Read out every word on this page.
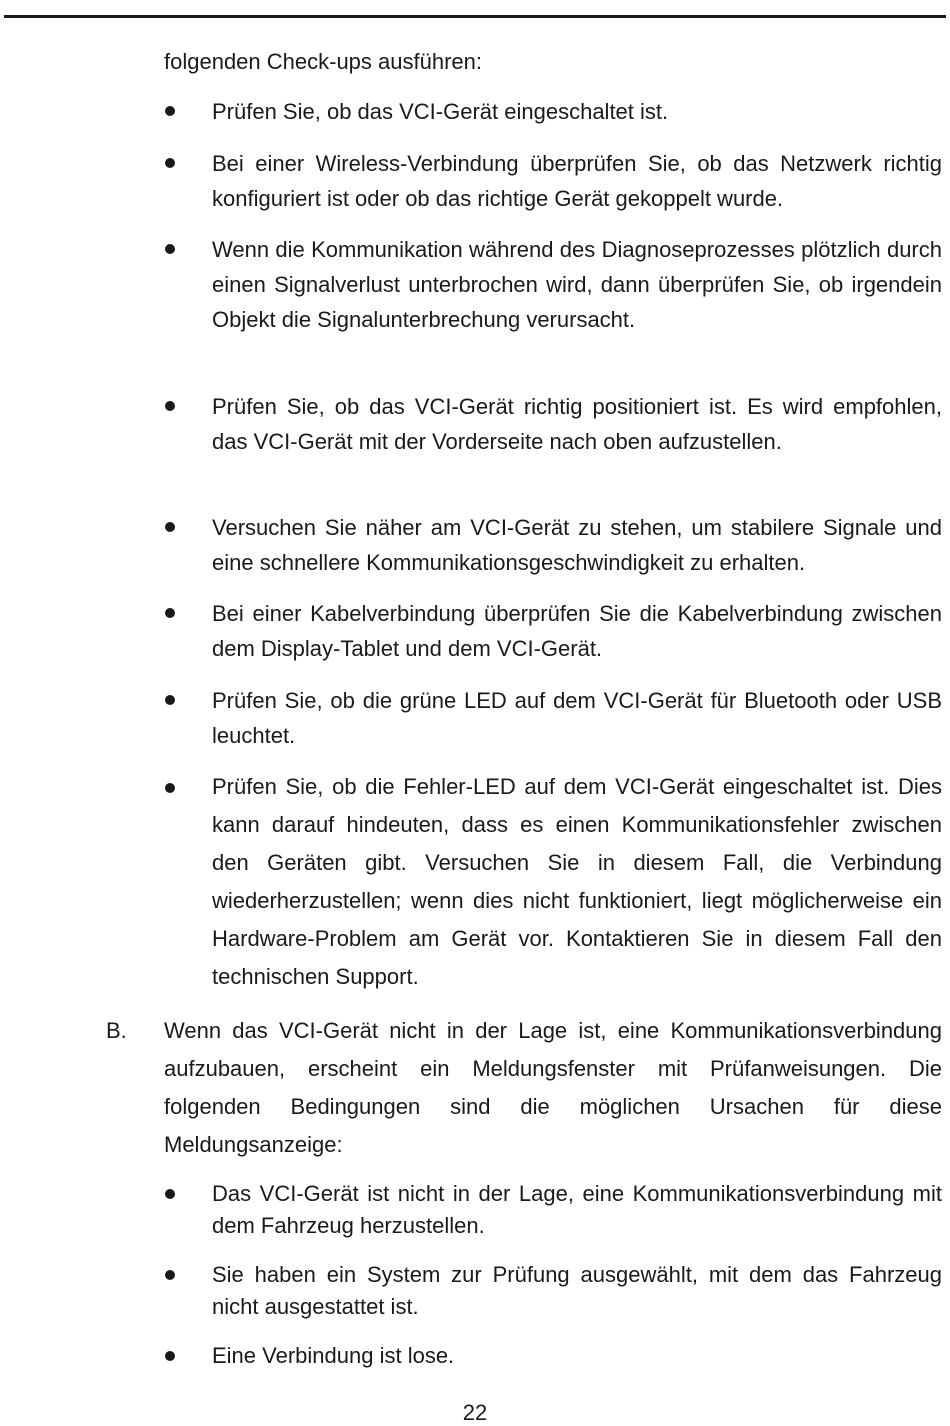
folgenden Check-ups ausführen:

Prüfen Sie, ob das VCI-Gerät eingeschaltet ist.

Bei einer Wireless-Verbindung überprüfen Sie, ob das Netzwerk richtig konfiguriert ist oder ob das richtige Gerät gekoppelt wurde.

Wenn die Kommunikation während des Diagnoseprozesses plötzlich durch einen Signalverlust unterbrochen wird, dann überprüfen Sie, ob irgendein Objekt die Signalunterbrechung verursacht.

Prüfen Sie, ob das VCI-Gerät richtig positioniert ist. Es wird empfohlen, das VCI-Gerät mit der Vorderseite nach oben aufzustellen.

Versuchen Sie näher am VCI-Gerät zu stehen, um stabilere Signale und eine schnellere Kommunikationsgeschwindigkeit zu erhalten.

Bei einer Kabelverbindung überprüfen Sie die Kabelverbindung zwischen dem Display-Tablet und dem VCI-Gerät.

Prüfen Sie, ob die grüne LED auf dem VCI-Gerät für Bluetooth oder USB leuchtet.

Prüfen Sie, ob die Fehler-LED auf dem VCI-Gerät eingeschaltet ist. Dies kann darauf hindeuten, dass es einen Kommunikationsfehler zwischen den Geräten gibt. Versuchen Sie in diesem Fall, die Verbindung wiederherzustellen; wenn dies nicht funktioniert, liegt möglicherweise ein Hardware-Problem am Gerät vor. Kontaktieren Sie in diesem Fall den technischen Support.

B. Wenn das VCI-Gerät nicht in der Lage ist, eine Kommunikationsverbindung aufzubauen, erscheint ein Meldungsfenster mit Prüfanweisungen. Die folgenden Bedingungen sind die möglichen Ursachen für diese Meldungsanzeige:

Das VCI-Gerät ist nicht in der Lage, eine Kommunikationsverbindung mit dem Fahrzeug herzustellen.

Sie haben ein System zur Prüfung ausgewählt, mit dem das Fahrzeug nicht ausgestattet ist.

Eine Verbindung ist lose.

22
